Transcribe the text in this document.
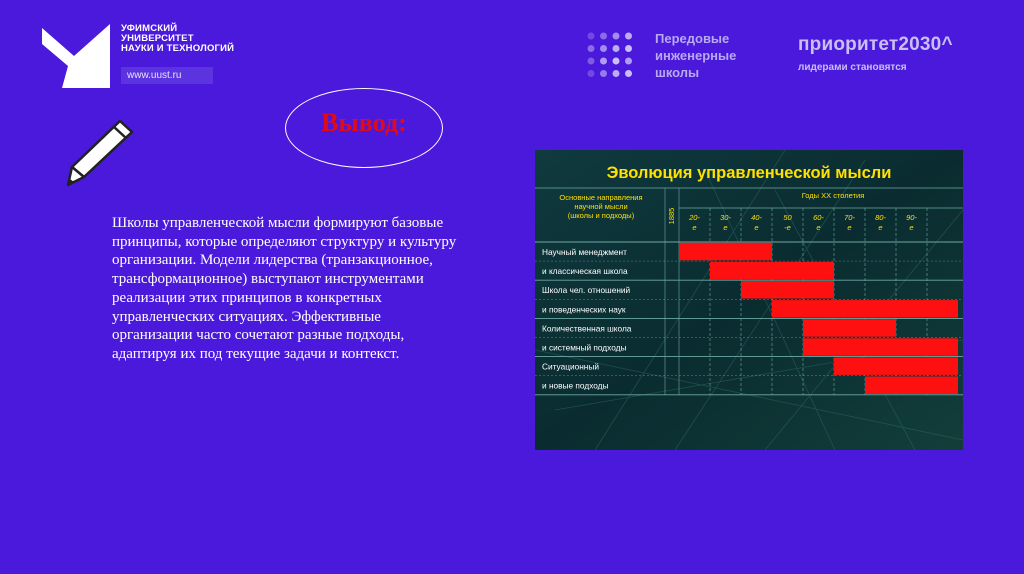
УФИМСКИЙ
УНИВЕРСИТЕТ
НАУКИ И ТЕХНОЛОГИЙ
www.uust.ru
Передовые
инженерные
школы
приоритет2030^
лидерами становятся
Вывод:
Школы управленческой мысли формируют базовые принципы, которые определяют структуру и культуру организации. Модели лидерства (транзакционное, трансформационное) выступают инструментами реализации этих принципов в конкретных управленческих ситуациях. Эффективные организации часто сочетают разные подходы, адаптируя их под текущие задачи и контекст.
Эволюция управленческой мысли
Основные направления
научной мысли
(школы и подходы)
Годы XX столетия
1885 20-
е
30-
е
40-
е
50
-е
60-
е
70-
е
80-
е
90-
е
Научный менеджмент
и классическая школа
Школа чел. отношений
и поведенческих наук
Количественная школа
и системный подходы
Ситуационный
и новые подходы
